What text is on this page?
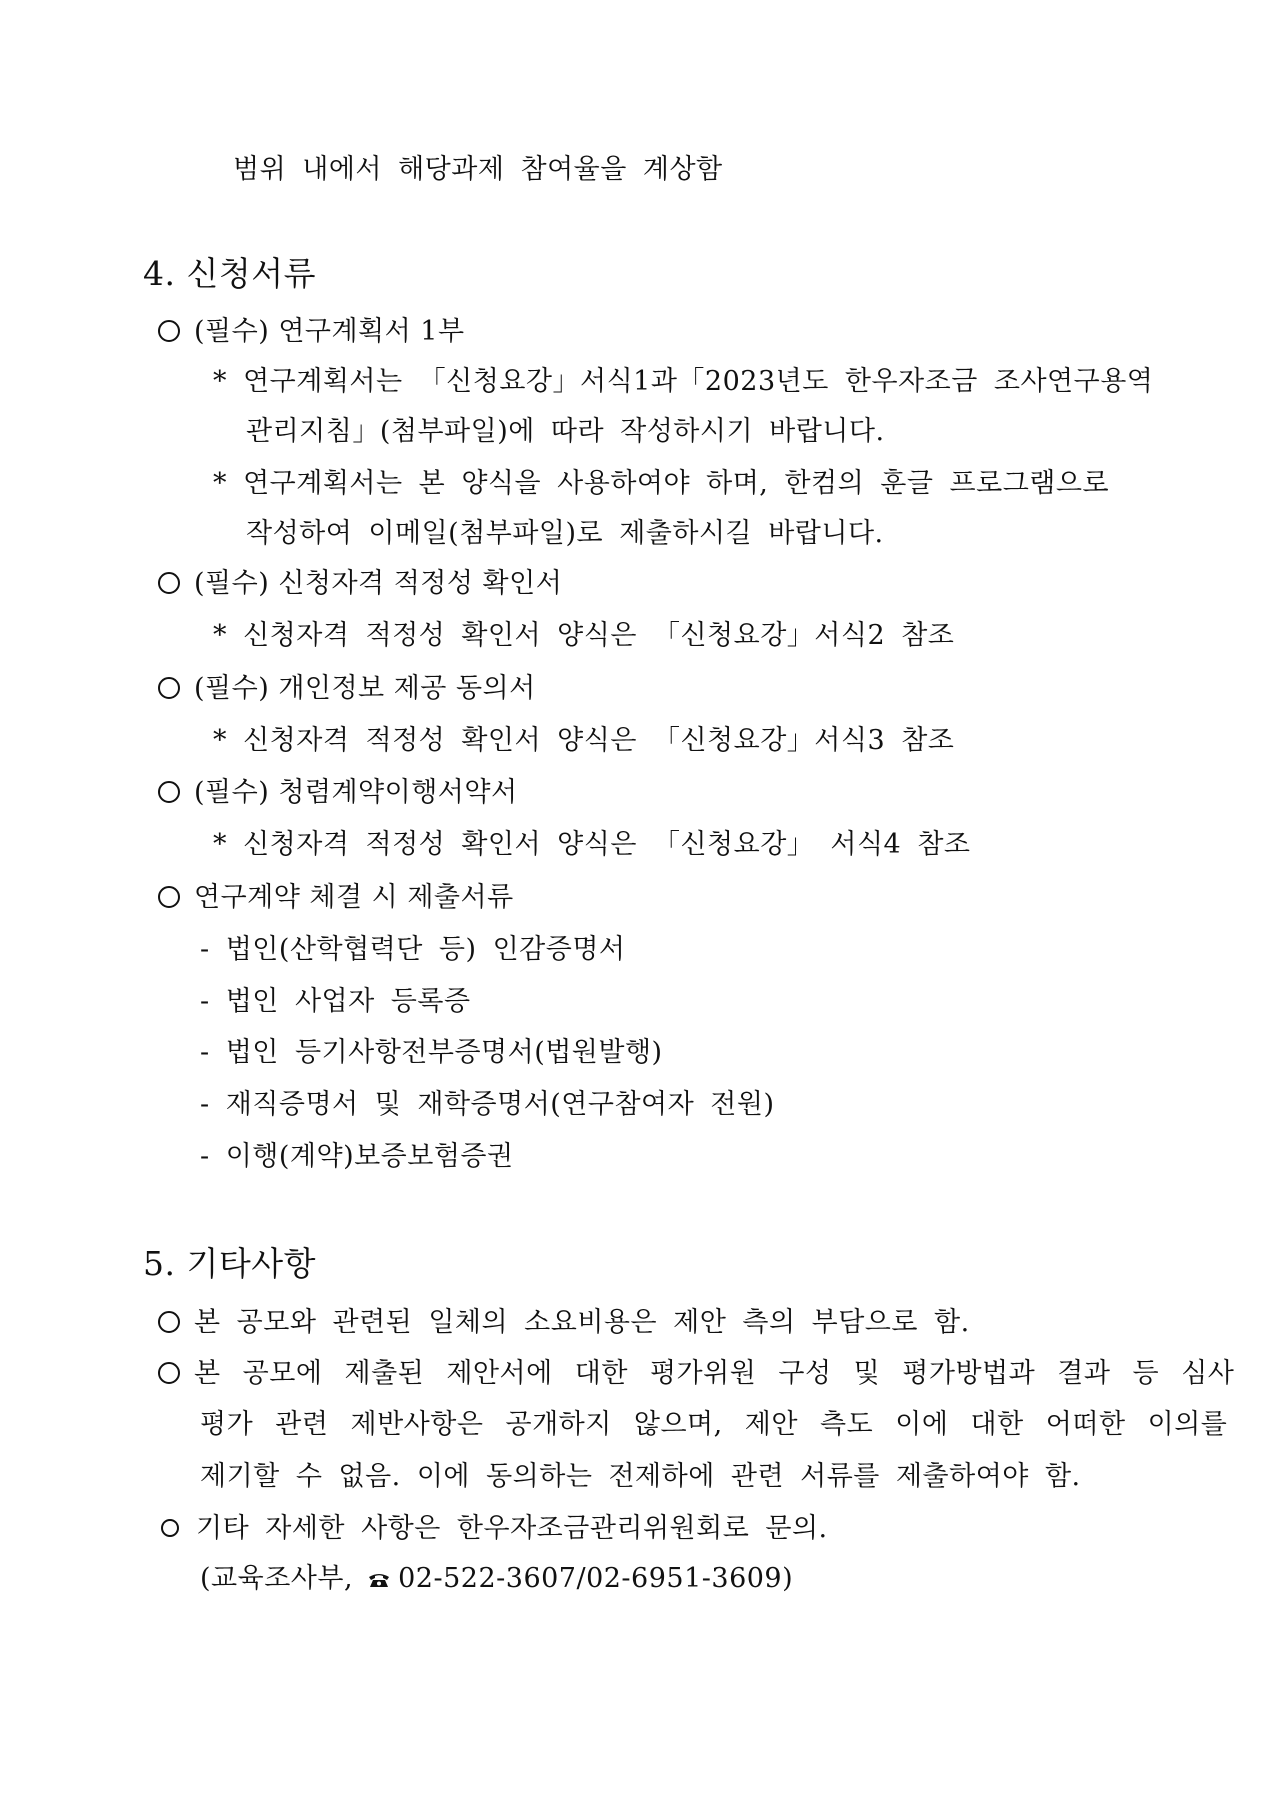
범위 내에서 해당과제 참여율을 계상함
4. 신청서류
(필수) 연구계획서 1부
* 연구계획서는 「신청요강」서식1과「2023년도 한우자조금 조사연구용역
관리지침」(첨부파일)에 따라 작성하시기 바랍니다.
* 연구계획서는 본 양식을 사용하여야 하며, 한컴의 훈글 프로그램으로
작성하여 이메일(첨부파일)로 제출하시길 바랍니다.
(필수) 신청자격 적정성 확인서
* 신청자격 적정성 확인서 양식은 「신청요강」서식2 참조
(필수) 개인정보 제공 동의서
* 신청자격 적정성 확인서 양식은 「신청요강」서식3 참조
(필수) 청렴계약이행서약서
* 신청자격 적정성 확인서 양식은 「신청요강」 서식4 참조
연구계약 체결 시 제출서류
- 법인(산학협력단 등) 인감증명서
- 법인 사업자 등록증
- 법인 등기사항전부증명서(법원발행)
- 재직증명서 및 재학증명서(연구참여자 전원)
- 이행(계약)보증보험증권
5. 기타사항
본 공모와 관련된 일체의 소요비용은 제안 측의 부담으로 함.
본 공모에 제출된 제안서에 대한 평가위원 구성 및 평가방법과 결과 등 심사
평가 관련 제반사항은 공개하지 않으며, 제안 측도 이에 대한 어떠한 이의를
제기할 수 없음. 이에 동의하는 전제하에 관련 서류를 제출하여야 함.
기타 자세한 사항은 한우자조금관리위원회로 문의.
(교육조사부, 02-522-3607/02-6951-3609)
